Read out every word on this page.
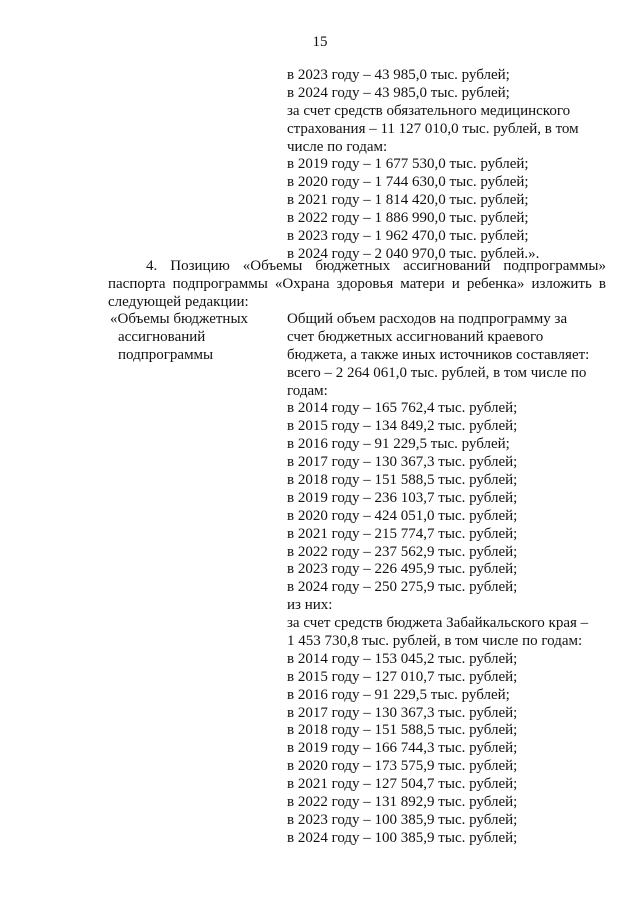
15
в 2023 году – 43 985,0 тыс. рублей;
в 2024 году – 43 985,0 тыс. рублей;
за счет средств обязательного медицинского
страхования – 11 127 010,0 тыс. рублей, в том
числе по годам:
в 2019 году – 1 677 530,0 тыс. рублей;
в 2020 году – 1 744 630,0 тыс. рублей;
в 2021 году – 1 814 420,0 тыс. рублей;
в 2022 году – 1 886 990,0 тыс. рублей;
в 2023 году – 1 962 470,0 тыс. рублей;
в 2024 году – 2 040 970,0 тыс. рублей.».
4. Позицию «Объемы бюджетных ассигнований подпрограммы»
паспорта подпрограммы «Охрана здоровья матери и ребенка» изложить в
следующей редакции:
«Объемы бюджетных
ассигнований
подпрограммы
Общий объем расходов на подпрограмму за
счет бюджетных ассигнований краевого
бюджета, а также иных источников составляет:
всего – 2 264 061,0 тыс. рублей, в том числе по
годам:
в 2014 году – 165 762,4 тыс. рублей;
в 2015 году – 134 849,2 тыс. рублей;
в 2016 году – 91 229,5 тыс. рублей;
в 2017 году – 130 367,3 тыс. рублей;
в 2018 году – 151 588,5 тыс. рублей;
в 2019 году – 236 103,7 тыс. рублей;
в 2020 году – 424 051,0 тыс. рублей;
в 2021 году – 215 774,7 тыс. рублей;
в 2022 году – 237 562,9 тыс. рублей;
в 2023 году – 226 495,9 тыс. рублей;
в 2024 году – 250 275,9 тыс. рублей;
из них:
за счет средств бюджета Забайкальского края –
1 453 730,8 тыс. рублей, в том числе по годам:
в 2014 году – 153 045,2 тыс. рублей;
в 2015 году – 127 010,7 тыс. рублей;
в 2016 году – 91 229,5 тыс. рублей;
в 2017 году – 130 367,3 тыс. рублей;
в 2018 году – 151 588,5 тыс. рублей;
в 2019 году – 166 744,3 тыс. рублей;
в 2020 году – 173 575,9 тыс. рублей;
в 2021 году – 127 504,7 тыс. рублей;
в 2022 году – 131 892,9 тыс. рублей;
в 2023 году – 100 385,9 тыс. рублей;
в 2024 году – 100 385,9 тыс. рублей;
